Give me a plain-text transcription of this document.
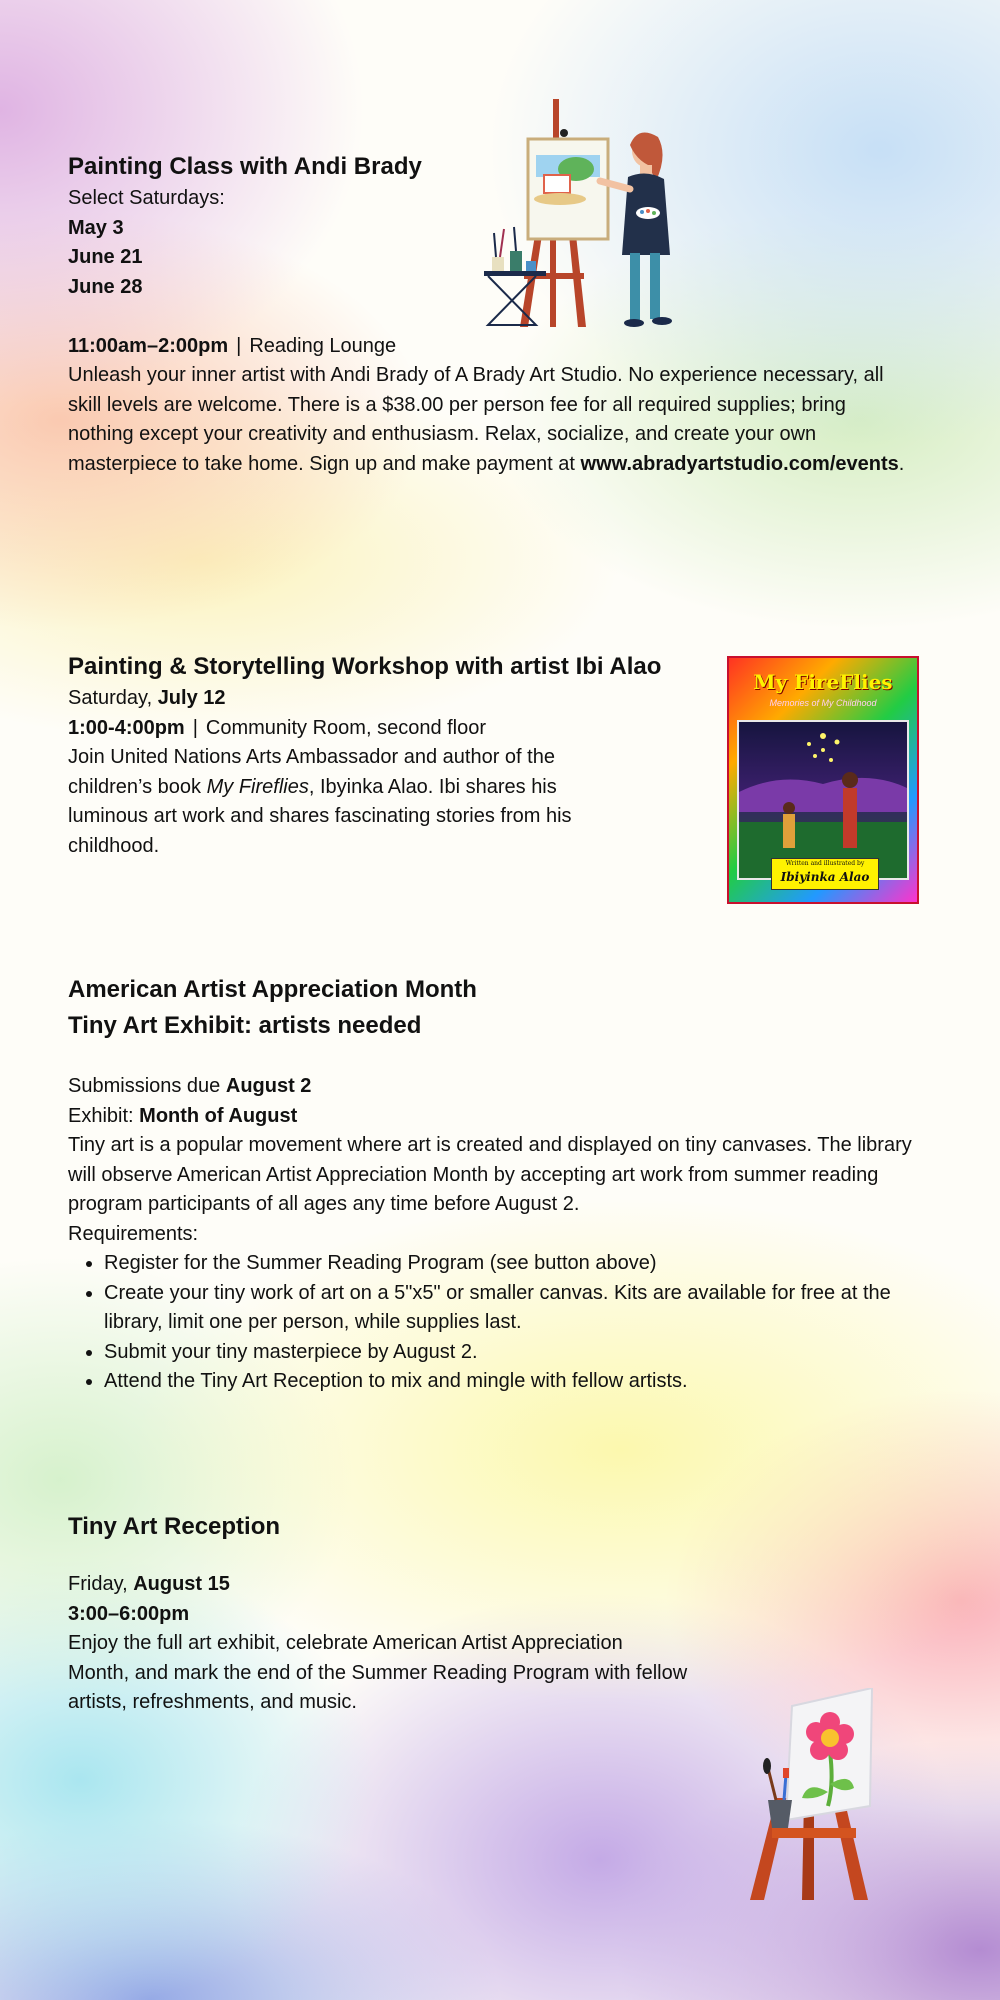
Painting Class with Andi Brady

Select Saturdays:

May 3

June 21

June 28

11:00am–2:00pm | Reading Lounge

Unleash your inner artist with Andi Brady of A Brady Art Studio. No experience necessary, all skill levels are welcome. There is a $38.00 per person fee for all required supplies; bring nothing except your creativity and enthusiasm. Relax, socialize, and create your own masterpiece to take home. Sign up and make payment at www.abradyartstudio.com/events.

Painting & Storytelling Workshop with artist Ibi Alao

Saturday, July 12

1:00-4:00pm | Community Room, second floor

Join United Nations Arts Ambassador and author of the children’s book My Fireflies, Ibyinka Alao. Ibi shares his luminous art work and shares fascinating stories from his childhood.

My FireFlies
Memories of My Childhood
Written and illustrated by
Ibiyinka Alao
American Artist Appreciation Month
Tiny Art Exhibit: artists needed

Submissions due August 2

Exhibit: Month of August

Tiny art is a popular movement where art is created and displayed on tiny canvases. The library will observe American Artist Appreciation Month by accepting art work from summer reading program participants of all ages any time before August 2.

Requirements:

• Register for the Summer Reading Program (see button above)
• Create your tiny work of art on a 5"x5" or smaller canvas. Kits are available for free at the library, limit one per person, while supplies last.
• Submit your tiny masterpiece by August 2.
• Attend the Tiny Art Reception to mix and mingle with fellow artists.
Tiny Art Reception

Friday, August 15

3:00–6:00pm

Enjoy the full art exhibit, celebrate American Artist Appreciation Month, and mark the end of the Summer Reading Program with fellow artists, refreshments, and music.
